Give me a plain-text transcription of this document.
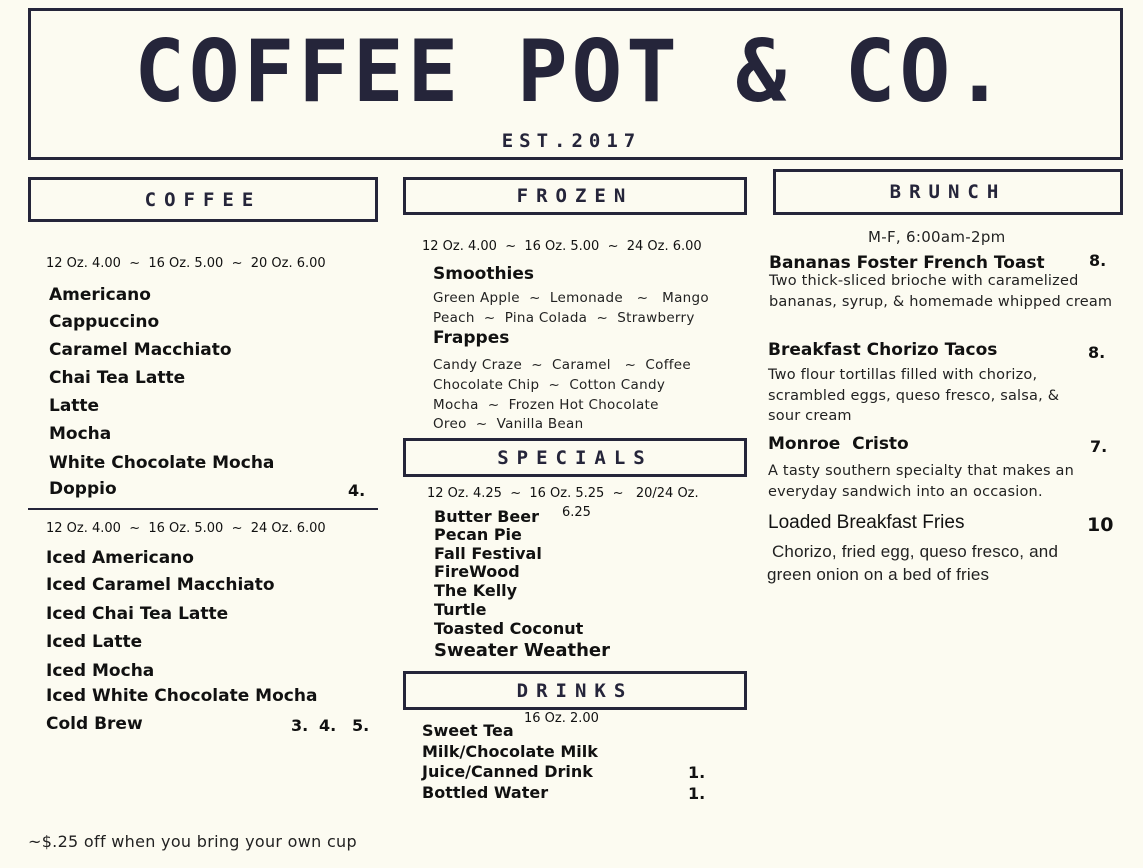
COFFEE POT & CO.
EST.2017
COFFEE
12 Oz. 4.00  ~  16 Oz. 5.00  ~  20 Oz. 6.00
Americano
Cappuccino
Caramel Macchiato
Chai Tea Latte
Latte
Mocha
White Chocolate Mocha
Doppio	4.
12 Oz. 4.00  ~  16 Oz. 5.00  ~  24 Oz. 6.00
Iced Americano
Iced Caramel Macchiato
Iced Chai Tea Latte
Iced Latte
Iced Mocha
Iced White Chocolate Mocha
Cold Brew	3. 4. 5.
~$.25 off when you bring your own cup
FROZEN
12 Oz. 4.00  ~  16 Oz. 5.00  ~  24 Oz. 6.00
Smoothies
Green Apple  ~  Lemonade   ~   Mango
Peach  ~  Pina Colada  ~  Strawberry
Frappes
Candy Craze  ~  Caramel   ~  Coffee
Chocolate Chip  ~  Cotton Candy
Mocha  ~  Frozen Hot Chocolate
Oreo  ~  Vanilla Bean
SPECIALS
12 Oz. 4.25  ~  16 Oz. 5.25  ~   20/24 Oz.
6.25
Butter Beer
Pecan Pie
Fall Festival
FireWood
The Kelly
Turtle
Toasted Coconut
Sweater Weather
DRINKS
16 Oz. 2.00
Sweet Tea
Milk/Chocolate Milk
Juice/Canned Drink	1.
Bottled Water	1.
BRUNCH
M-F, 6:00am-2pm
Bananas Foster French Toast	8.
Two thick-sliced brioche with caramelized bananas, syrup, & homemade whipped cream
Breakfast Chorizo Tacos	8.
Two flour tortillas filled with chorizo, scrambled eggs, queso fresco, salsa, & sour cream
Monroe  Cristo	7.
A tasty southern specialty that makes an everyday sandwich into an occasion.
Loaded Breakfast Fries	10
Chorizo, fried egg, queso fresco, and green onion on a bed of fries
